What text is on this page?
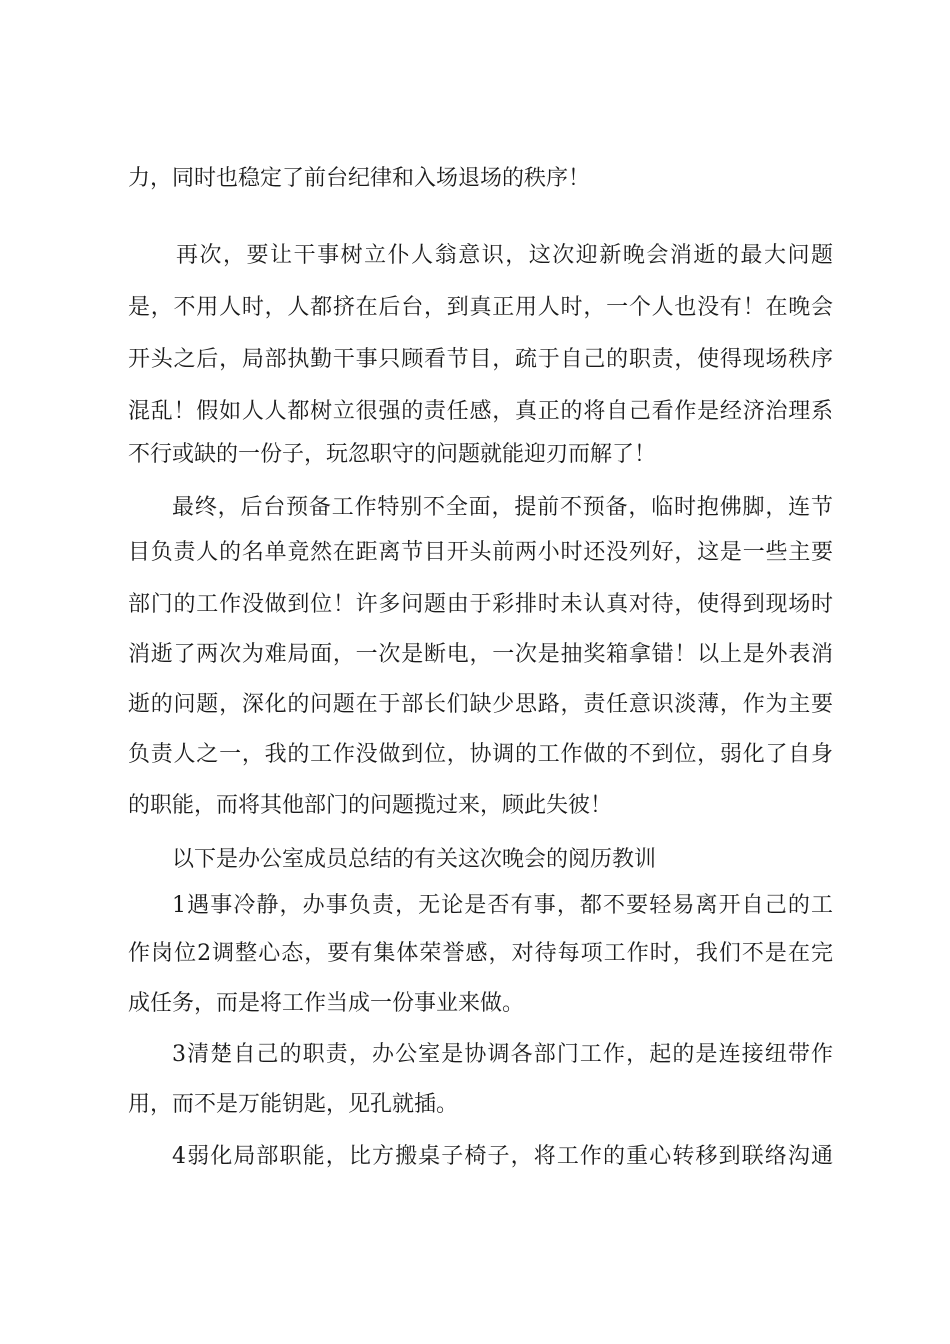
力，同时也稳定了前台纪律和入场退场的秩序！
再次，要让干事树立仆人翁意识，这次迎新晚会消逝的最大问题
是，不用人时，人都挤在后台，到真正用人时，一个人也没有！在晚会
开头之后，局部执勤干事只顾看节目，疏于自己的职责，使得现场秩序
混乱！假如人人都树立很强的责任感，真正的将自己看作是经济治理系
不行或缺的一份子，玩忽职守的问题就能迎刃而解了！
最终，后台预备工作特别不全面，提前不预备，临时抱佛脚，连节
目负责人的名单竟然在距离节目开头前两小时还没列好，这是一些主要
部门的工作没做到位！许多问题由于彩排时未认真对待，使得到现场时
消逝了两次为难局面，一次是断电，一次是抽奖箱拿错！以上是外表消
逝的问题，深化的问题在于部长们缺少思路，责任意识淡薄，作为主要
负责人之一，我的工作没做到位，协调的工作做的不到位，弱化了自身
的职能，而将其他部门的问题揽过来，顾此失彼！
以下是办公室成员总结的有关这次晚会的阅历教训
1遇事冷静，办事负责，无论是否有事，都不要轻易离开自己的工
作岗位2调整心态，要有集体荣誉感，对待每项工作时，我们不是在完
成任务，而是将工作当成一份事业来做。
3清楚自己的职责，办公室是协调各部门工作，起的是连接纽带作
用，而不是万能钥匙，见孔就插。
4弱化局部职能，比方搬桌子椅子，将工作的重心转移到联络沟通
